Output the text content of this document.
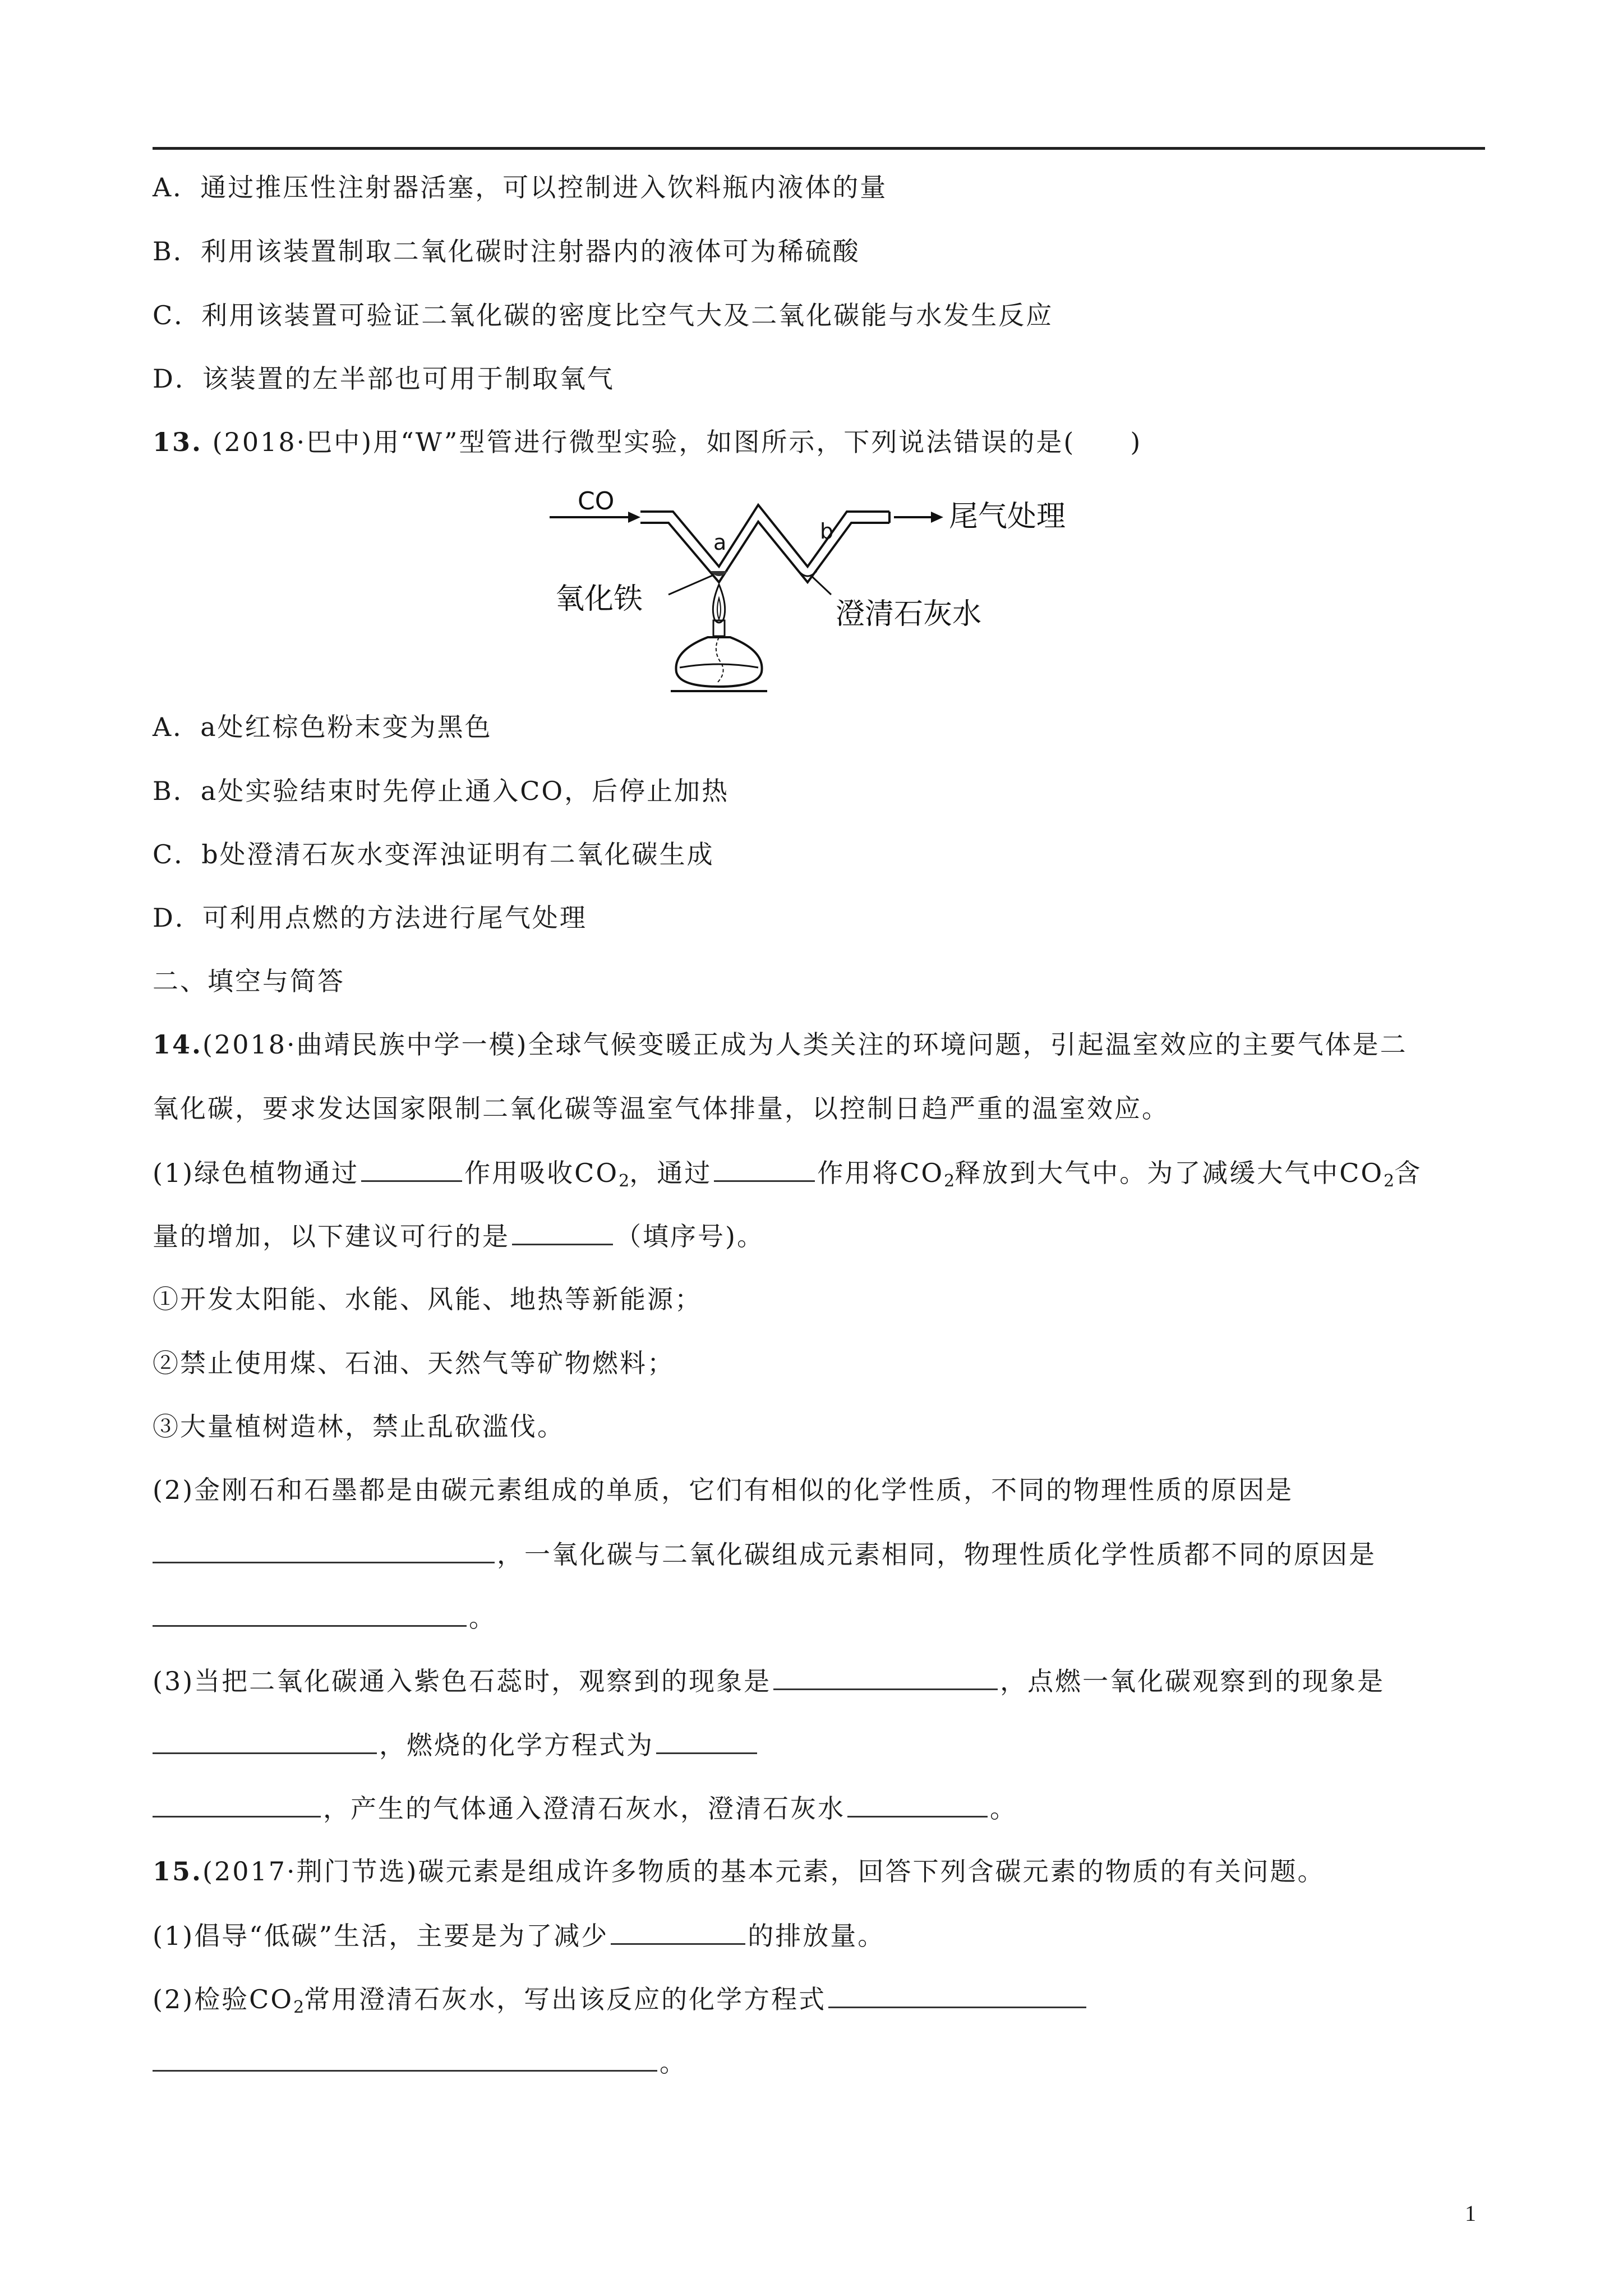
A．通过推压性注射器活塞，可以控制进入饮料瓶内液体的量
B．利用该装置制取二氧化碳时注射器内的液体可为稀硫酸
C．利用该装置可验证二氧化碳的密度比空气大及二氧化碳能与水发生反应
D．该装置的左半部也可用于制取氧气
13. (2018·巴中)用“W”型管进行微型实验，如图所示，下列说法错误的是(　　)
CO	尾气处理
a	b
氧化铁	澄清石灰水
A．a处红棕色粉末变为黑色
B．a处实验结束时先停止通入CO，后停止加热
C．b处澄清石灰水变浑浊证明有二氧化碳生成
D．可利用点燃的方法进行尾气处理
二、填空与简答
14.(2018·曲靖民族中学一模)全球气候变暖正成为人类关注的环境问题，引起温室效应的主要气体是二
氧化碳，要求发达国家限制二氧化碳等温室气体排量，以控制日趋严重的温室效应。
(1)绿色植物通过	作用吸收$CO_2$，通过	作用将$CO_2$释放到大气中。为了减缓大气中$CO_2$含
量的增加，以下建议可行的是	（填序号)。
①开发太阳能、水能、风能、地热等新能源；
②禁止使用煤、石油、天然气等矿物燃料；
③大量植树造林，禁止乱砍滥伐。
(2)金刚石和石墨都是由碳元素组成的单质，它们有相似的化学性质，不同的物理性质的原因是
，一氧化碳与二氧化碳组成元素相同，物理性质化学性质都不同的原因是
。
(3)当把二氧化碳通入紫色石蕊时，观察到的现象是	，点燃一氧化碳观察到的现象是
，燃烧的化学方程式为
，产生的气体通入澄清石灰水，澄清石灰水	。
15.(2017·荆门节选)碳元素是组成许多物质的基本元素，回答下列含碳元素的物质的有关问题。
(1)倡导“低碳”生活，主要是为了减少	的排放量。
(2)检验$CO_2$常用澄清石灰水，写出该反应的化学方程式
。
1
